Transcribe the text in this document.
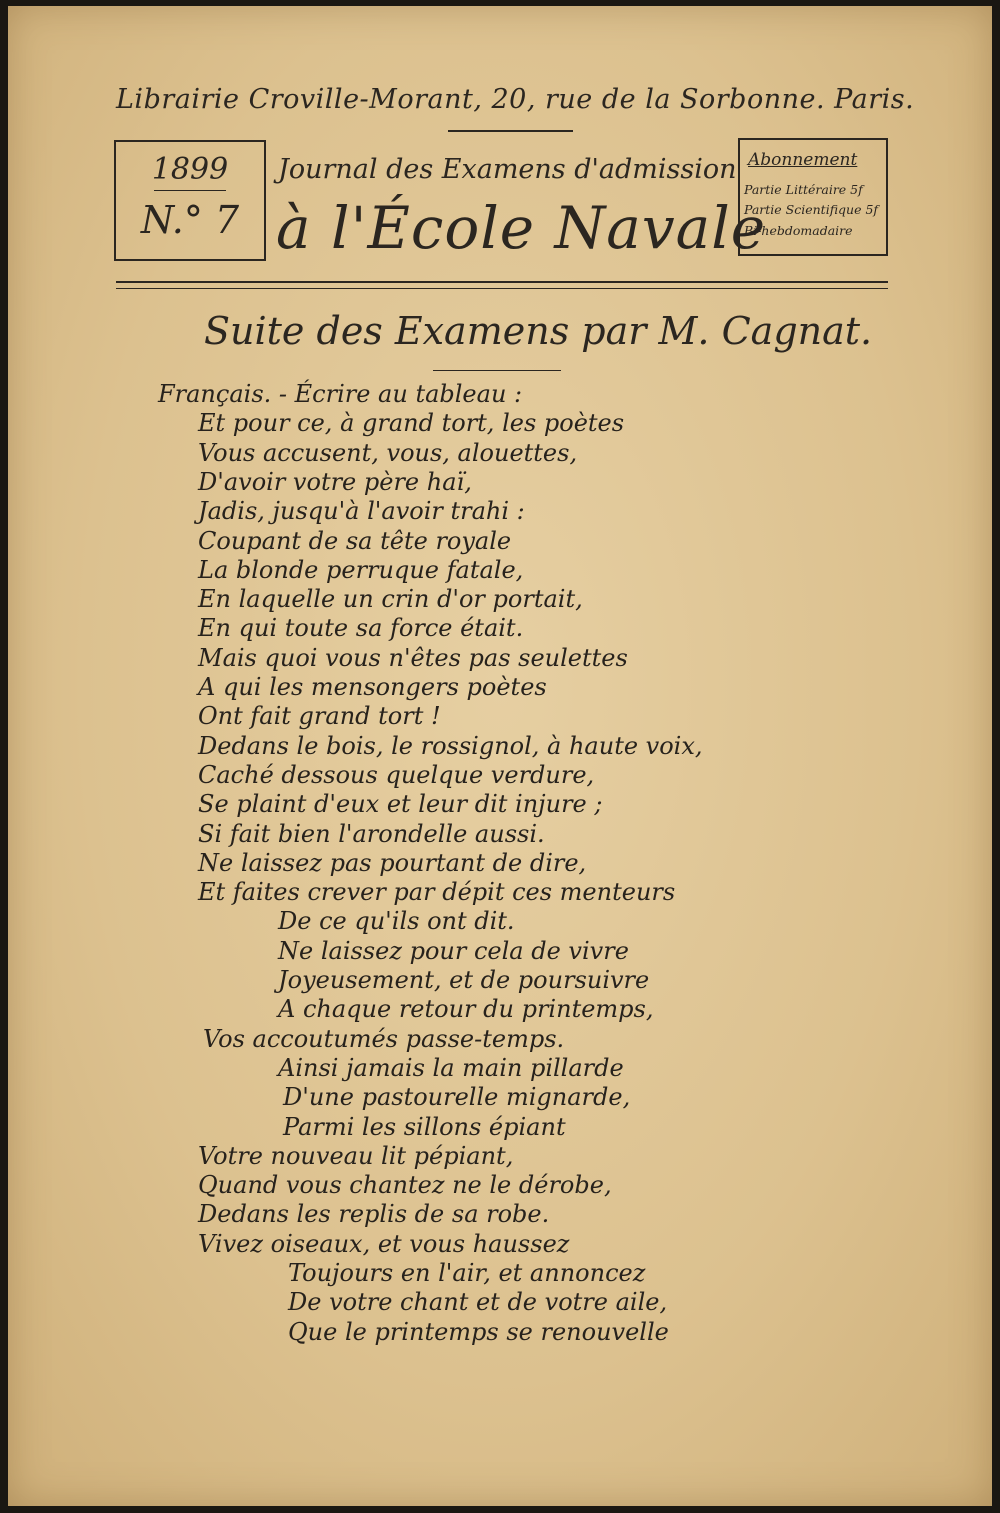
Librairie Croville-Morant, 20, rue de la Sorbonne. Paris.
1899
N.° 7
Journal des Examens d'admission
à l'École Navale
Abonnement
Partie Littéraire 5f
Partie Scientifique 5f
Bi-hebdomadaire
Suite des Examens par M. Cagnat.
Français. - Écrire au tableau :
Et pour ce, à grand tort, les poètes
Vous accusent, vous, alouettes,
D'avoir votre père haï,
Jadis, jusqu'à l'avoir trahi :
Coupant de sa tête royale
La blonde perruque fatale,
En laquelle un crin d'or portait,
En qui toute sa force était.
Mais quoi vous n'êtes pas seulettes
A qui les mensongers poètes
Ont fait grand tort !
Dedans le bois, le rossignol, à haute voix,
Caché dessous quelque verdure,
Se plaint d'eux et leur dit injure ;
Si fait bien l'arondelle aussi.
Ne laissez pas pourtant de dire,
Et faites crever par dépit ces menteurs
De ce qu'ils ont dit.
Ne laissez pour cela de vivre
Joyeusement, et de poursuivre
A chaque retour du printemps,
Vos accoutumés passe-temps.
Ainsi jamais la main pillarde
D'une pastourelle mignarde,
Parmi les sillons épiant
Votre nouveau lit pépiant,
Quand vous chantez ne le dérobe,
Dedans les replis de sa robe.
Vivez oiseaux, et vous haussez
Toujours en l'air, et annoncez
De votre chant et de votre aile,
Que le printemps se renouvelle
